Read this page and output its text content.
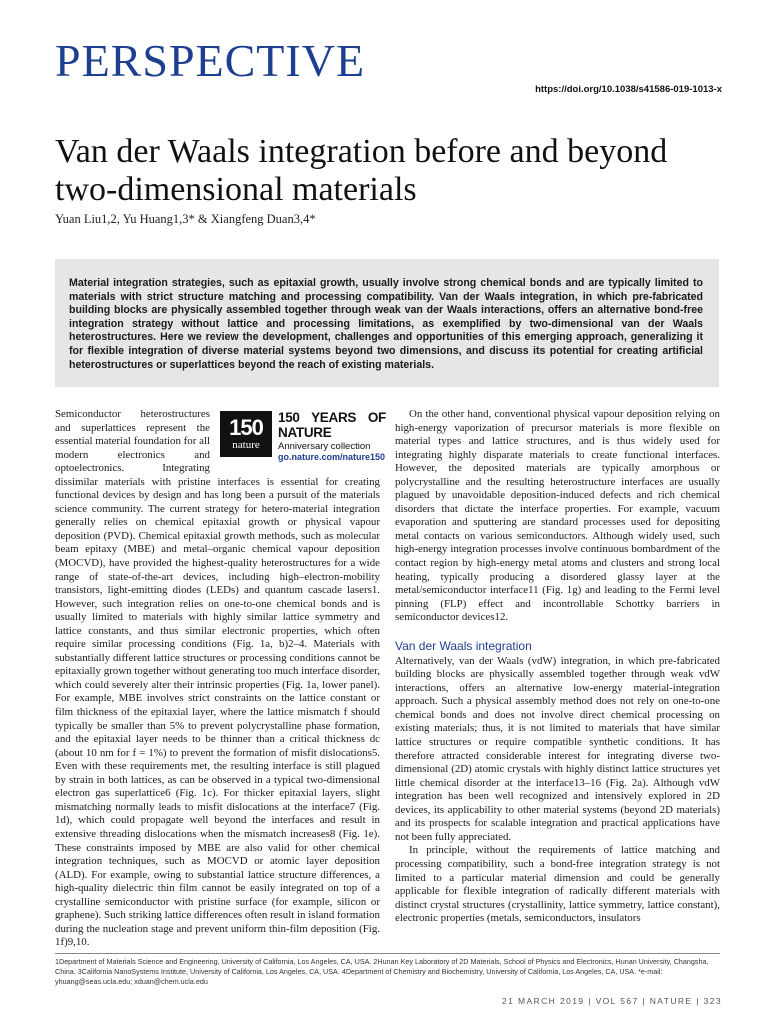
PERSPECTIVE
https://doi.org/10.1038/s41586-019-1013-x
Van der Waals integration before and beyond two-dimensional materials
Yuan Liu1,2, Yu Huang1,3* & Xiangfeng Duan3,4*

Material integration strategies, such as epitaxial growth, usually involve strong chemical bonds and are typically limited to materials with strict structure matching and processing compatibility. Van der Waals integration, in which pre-fabricated building blocks are physically assembled together through weak van der Waals interactions, offers an alternative bond-free integration strategy without lattice and processing limitations, as exemplified by two-dimensional van der Waals heterostructures. Here we review the development, challenges and opportunities of this emerging approach, generalizing it for flexible integration of diverse material systems beyond two dimensions, and discuss its potential for creating artificial heterostructures or superlattices beyond the reach of existing materials.

150
nature
150 YEARS OF NATURE
Anniversary collection
go.nature.com/nature150

Semiconductor heterostructures and superlattices represent the essential material foundation for all modern electronics and optoelectronics. Integrating dissimilar materials with pristine interfaces is essential for creating functional devices by design and has long been a pursuit of the materials science community. The current strategy for hetero-material integration generally relies on chemical epitaxial growth or physical vapour deposition (PVD). Chemical epitaxial growth methods, such as molecular beam epitaxy (MBE) and metal–organic chemical vapour deposition (MOCVD), have provided the highest-quality heterostructures for a wide range of state-of-the-art devices, including high–electron-mobility transistors, light-emitting diodes (LEDs) and quantum cascade lasers1. However, such integration relies on one-to-one chemical bonds and is usually limited to materials with highly similar lattice symmetry and lattice constants, and thus similar electronic properties, which often require similar processing conditions (Fig. 1a, b)2–4. Materials with substantially different lattice structures or processing conditions cannot be epitaxially grown together without generating too much interface disorder, which could severely alter their intrinsic properties (Fig. 1a, lower panel). For example, MBE involves strict constraints on the lattice constant or film thickness of the epitaxial layer, where the lattice mismatch f should typically be smaller than 5% to prevent polycrystalline phase formation, and the epitaxial layer needs to be thinner than a critical thickness dc (about 10 nm for f = 1%) to prevent the formation of misfit dislocations5. Even with these requirements met, the resulting interface is still plagued by strain in both lattices, as can be observed in a typical two-dimensional electron gas superlattice6 (Fig. 1c). For thicker epitaxial layers, slight mismatching normally leads to misfit dislocations at the interface7 (Fig. 1d), which could propagate well beyond the interfaces and result in extensive threading dislocations when the mismatch increases8 (Fig. 1e). These constraints imposed by MBE are also valid for other chemical integration techniques, such as MOCVD or atomic layer deposition (ALD). For example, owing to substantial lattice structure differences, a high-quality dielectric thin film cannot be easily integrated on top of a crystalline semiconductor with pristine surface (for example, silicon or graphene). Such striking lattice differences often result in island formation during the nucleation stage and prevent uniform thin-film deposition (Fig. 1f)9,10.

On the other hand, conventional physical vapour deposition relying on high-energy vaporization of precursor materials is more flexible on material types and lattice structures, and is thus widely used for integrating highly disparate materials to create functional interfaces. However, the deposited materials are typically amorphous or polycrystalline and the resulting heterostructure interfaces are usually plagued by unavoidable deposition-induced defects and rich chemical disorders that dictate the interface properties. For example, vacuum evaporation and sputtering are standard processes used for depositing metal contacts on various semiconductors. Although widely used, such high-energy integration processes involve continuous bombardment of the contact region by high-energy metal atoms and clusters and strong local heating, typically producing a disordered glassy layer at the metal/semiconductor interface11 (Fig. 1g) and leading to the Fermi level pinning (FLP) effect and incontrollable Schottky barriers in semiconductor devices12.

Van der Waals integration

Alternatively, van der Waals (vdW) integration, in which pre-fabricated building blocks are physically assembled together through weak vdW interactions, offers an alternative low-energy material-integration approach. Such a physical assembly method does not rely on one-to-one chemical bonds and does not involve direct chemical processing on existing materials; thus, it is not limited to materials that have similar lattice structures or require compatible synthetic conditions. It has therefore attracted considerable interest for integrating diverse two-dimensional (2D) atomic crystals with highly distinct lattice structures yet little chemical disorder at the interface13–16 (Fig. 2a). Although vdW integration has been well recognized and intensively explored in 2D devices, its applicability to other material systems (beyond 2D materials) and its prospects for scalable integration and practical applications have not been fully appreciated.

In principle, without the requirements of lattice matching and processing compatibility, such a bond-free integration strategy is not limited to a particular material dimension and could be generally applicable for flexible integration of radically different materials with distinct crystal structures (crystallinity, lattice symmetry, lattice constant), electronic properties (metals, semiconductors, insulators

1Department of Materials Science and Engineering, University of California, Los Angeles, CA, USA. 2Hunan Key Laboratory of 2D Materials, School of Physics and Electronics, Hunan University, Changsha, China. 3California NanoSystems Institute, University of California, Los Angeles, CA, USA. 4Department of Chemistry and Biochemistry, University of California, Los Angeles, CA, USA. *e-mail: yhuang@seas.ucla.edu; xduan@chem.ucla.edu
21 MARCH 2019 | VOL 567 | NATURE | 323
